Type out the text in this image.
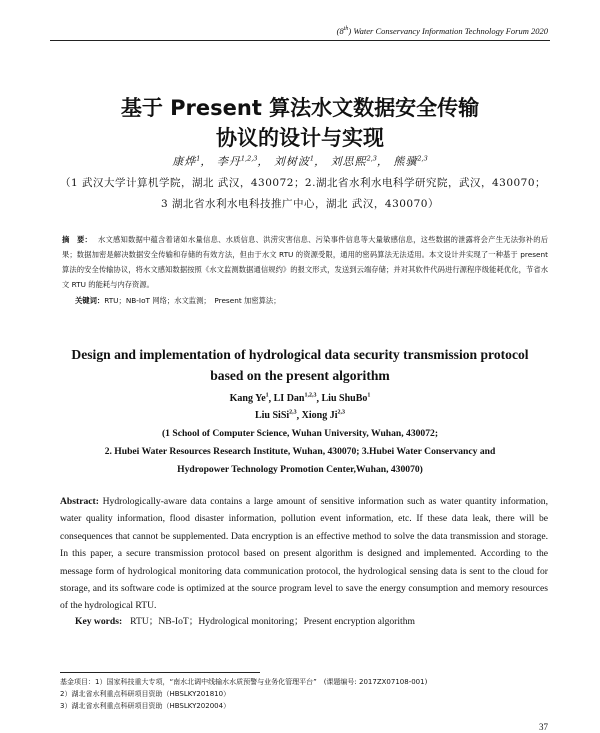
(8th) Water Conservancy Information Technology Forum 2020
基于 Present 算法水文数据安全传输
协议的设计与实现
康烨$^1$， 李丹$^{1,2,3}$， 刘树波$^1$， 刘思熙$^{2,3}$， 熊骥$^{2,3}$
（1 武汉大学计算机学院，湖北 武汉，430072；2.湖北省水利水电科学研究院，武汉，430070；
3 湖北省水利水电科技推广中心，湖北 武汉，430070）
摘　要： 水文感知数据中蕴含着诸如水量信息、水质信息、洪涝灾害信息、污染事件信息等大量敏感信息，这些数据的泄露将会产生无法弥补的后果；数据加密是解决数据安全传输和存储的有效方法，但由于水文 RTU 的资源受限，通用的密码算法无法适用。本文设计并实现了一种基于 present 算法的安全传输协议，将水文感知数据按照《水文监测数据通信规约》的报文形式，发送到云端存储；并对其软件代码进行源程序级能耗优化，节省水文 RTU 的能耗与内存资源。
关键词：RTU；NB-IoT 网络；水文监测；　Present 加密算法；
Design and implementation of hydrological data security transmission protocol
based on the present algorithm
Kang Ye$^1$, LI Dan$^{1,2,3}$, Liu ShuBo$^1$
Liu SiSi$^{2,3}$, Xiong Ji$^{2,3}$
(1 School of Computer Science, Wuhan University, Wuhan, 430072;
2. Hubei Water Resources Research Institute, Wuhan, 430070; 3.Hubei Water Conservancy and
Hydropower Technology Promotion Center,Wuhan, 430070)
Abstract: Hydrologically-aware data contains a large amount of sensitive information such as water quantity information, water quality information, flood disaster information, pollution event information, etc. If these data leak, there will be consequences that cannot be supplemented. Data encryption is an effective method to solve the data transmission and storage. In this paper, a secure transmission protocol based on present algorithm is designed and implemented. According to the message form of hydrological monitoring data communication protocol, the hydrological sensing data is sent to the cloud for storage, and its software code is optimized at the source program level to save the energy consumption and memory resources of the hydrological RTU.
Key words: RTU；NB-IoT；Hydrological monitoring；Present encryption algorithm
基金项目：1）国家科技重大专项，“南水北调中线输水水质预警与业务化管理平台”　(课题编号: 2017ZX07108-001)
2）湖北省水利重点科研项目资助（HBSLKY201810）
3）湖北省水利重点科研项目资助（HBSLKY202004）
37
